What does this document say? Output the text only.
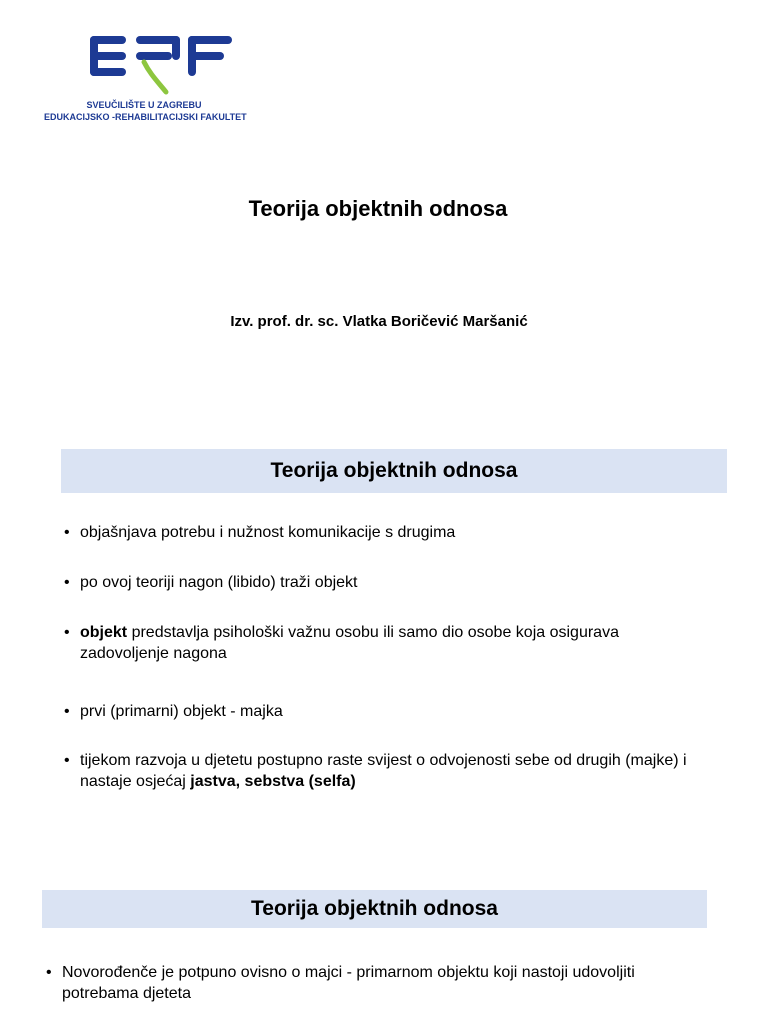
SVEUČILIŠTE U ZAGREBU
EDUKACIJSKO -REHABILITACIJSKI FAKULTET
Teorija objektnih odnosa
Izv. prof. dr. sc. Vlatka Boričević Maršanić
Teorija objektnih odnosa
• objašnjava potrebu i nužnost komunikacije s drugima
• po ovoj teoriji nagon (libido) traži objekt
• objekt predstavlja psihološki važnu osobu ili samo dio osobe koja osigurava zadovoljenje nagona
• prvi (primarni) objekt - majka
• tijekom razvoja u djetetu postupno raste svijest o odvojenosti sebe od drugih (majke) i nastaje osjećaj jastva, sebstva (selfa)
Teorija objektnih odnosa
• Novorođenče je potpuno ovisno o majci - primarnom objektu koji nastoji udovoljiti potrebama djeteta
